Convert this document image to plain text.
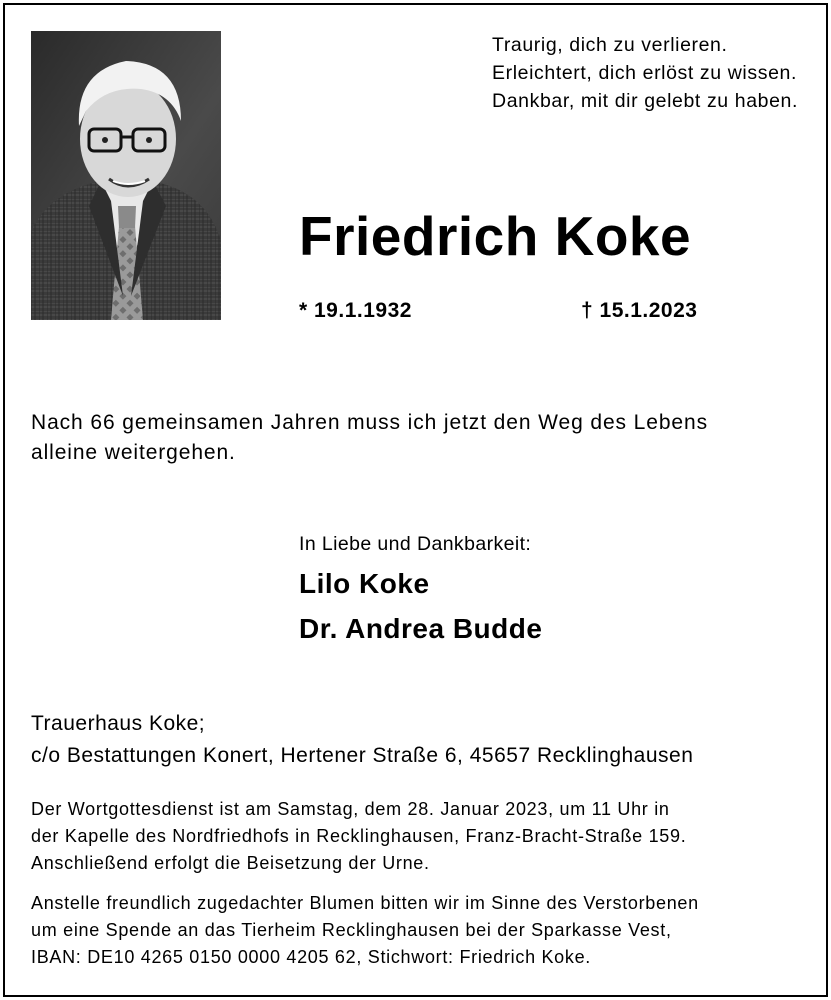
Traurig, dich zu verlieren.
Erleichtert, dich erlöst zu wissen.
Dankbar, mit dir gelebt zu haben.
Friedrich Koke
* 19.1.1932	† 15.1.2023
Nach 66 gemeinsamen Jahren muss ich jetzt den Weg des Lebens
alleine weitergehen.
In Liebe und Dankbarkeit:
Lilo Koke
Dr. Andrea Budde
Trauerhaus Koke;
c/o Bestattungen Konert, Hertener Straße 6, 45657 Recklinghausen
Der Wortgottesdienst ist am Samstag, dem 28. Januar 2023, um 11 Uhr in
der Kapelle des Nordfriedhofs in Recklinghausen, Franz-Bracht-Straße 159.
Anschließend erfolgt die Beisetzung der Urne.
Anstelle freundlich zugedachter Blumen bitten wir im Sinne des Verstorbenen
um eine Spende an das Tierheim Recklinghausen bei der Sparkasse Vest,
IBAN: DE10 4265 0150 0000 4205 62, Stichwort: Friedrich Koke.
